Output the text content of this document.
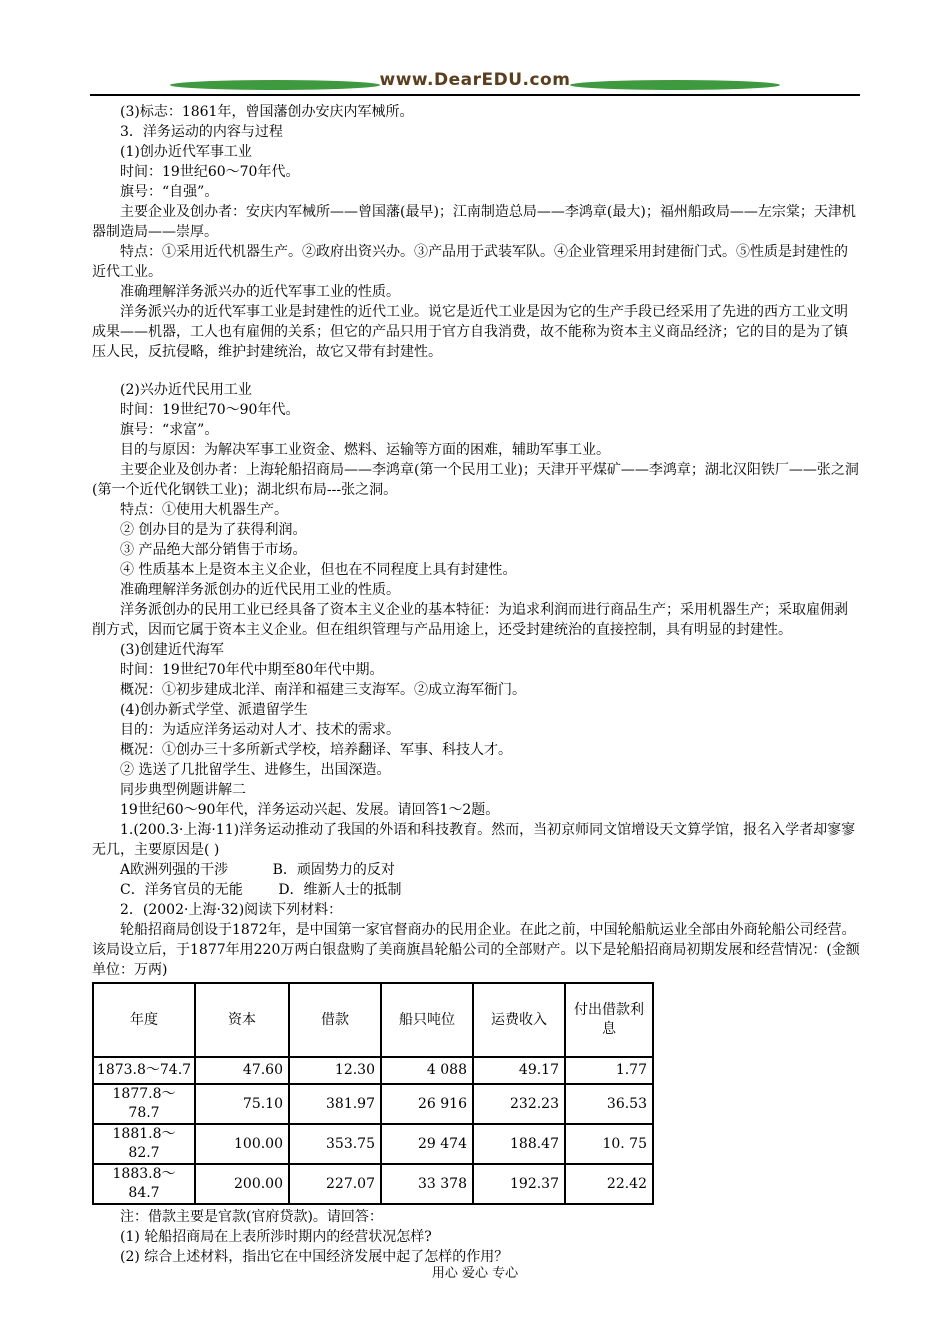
www.DearEDU.com

(3)标志：1861年，曾国藩创办安庆内军械所。

3．洋务运动的内容与过程

(1)创办近代军事工业

时间：19世纪60～70年代。

旗号：“自强”。

主要企业及创办者：安庆内军械所——曾国藩(最早)；江南制造总局——李鸿章(最大)；福州船政局——左宗棠；天津机器制造局——崇厚。

特点：①采用近代机器生产。②政府出资兴办。③产品用于武装军队。④企业管理采用封建衙门式。⑤性质是封建性的近代工业。

准确理解洋务派兴办的近代军事工业的性质。

洋务派兴办的近代军事工业是封建性的近代工业。说它是近代工业是因为它的生产手段已经采用了先进的西方工业文明成果——机器，工人也有雇佣的关系；但它的产品只用于官方自我消费，故不能称为资本主义商品经济；它的目的是为了镇压人民，反抗侵略，维护封建统治，故它又带有封建性。

(2)兴办近代民用工业

时间：19世纪70～90年代。

旗号：“求富”。

目的与原因：为解决军事工业资金、燃料、运输等方面的困难，辅助军事工业。

主要企业及创办者：上海轮船招商局——李鸿章(第一个民用工业)；天津开平煤矿——李鸿章；湖北汉阳铁厂——张之洞(第一个近代化钢铁工业)；湖北织布局---张之洞。

特点：①使用大机器生产。

② 创办目的是为了获得利润。

③ 产品绝大部分销售于市场。

④ 性质基本上是资本主义企业，但也在不同程度上具有封建性。

准确理解洋务派创办的近代民用工业的性质。

洋务派创办的民用工业已经具备了资本主义企业的基本特征：为追求利润而进行商品生产；采用机器生产；采取雇佣剥削方式，因而它属于资本主义企业。但在组织管理与产品用途上，还受封建统治的直接控制，具有明显的封建性。

(3)创建近代海军

时间：19世纪70年代中期至80年代中期。

概况：①初步建成北洋、南洋和福建三支海军。②成立海军衙门。

(4)创办新式学堂、派遣留学生

目的：为适应洋务运动对人才、技术的需求。

概况：①创办三十多所新式学校，培养翻译、军事、科技人才。

② 选送了几批留学生、进修生，出国深造。

同步典型例题讲解二

19世纪60～90年代，洋务运动兴起、发展。请回答1～2题。

1.(200.3·上海·11)洋务运动推动了我国的外语和科技教育。然而，当初京师同文馆增设天文算学馆，报名入学者却寥寥无几，主要原因是( )

A欧洲列强的干涉          B．顽固势力的反对

C．洋务官员的无能        D．维新人士的抵制

2．(2002·上海·32)阅读下列材料：

轮船招商局创设于1872年，是中国第一家官督商办的民用企业。在此之前，中国轮船航运业全部由外商轮船公司经营。该局设立后，于1877年用220万两白银盘购了美商旗昌轮船公司的全部财产。以下是轮船招商局初期发展和经营情况：(金额单位：万两)

年度	资本	借款	船只吨位	运费收入	付出借款利息
1873.8～74.7	47.60	12.30	4 088	49.17	1.77
1877.8～78.7	75.10	381.97	26 916	232.23	36.53
1881.8～82.7	100.00	353.75	29 474	188.47	10. 75
1883.8～84.7	200.00	227.07	33 378	192.37	22.42

注：借款主要是官款(官府贷款)。请回答：

(1) 轮船招商局在上表所涉时期内的经营状况怎样?

(2) 综合上述材料，指出它在中国经济发展中起了怎样的作用？

用心 爱心 专心
